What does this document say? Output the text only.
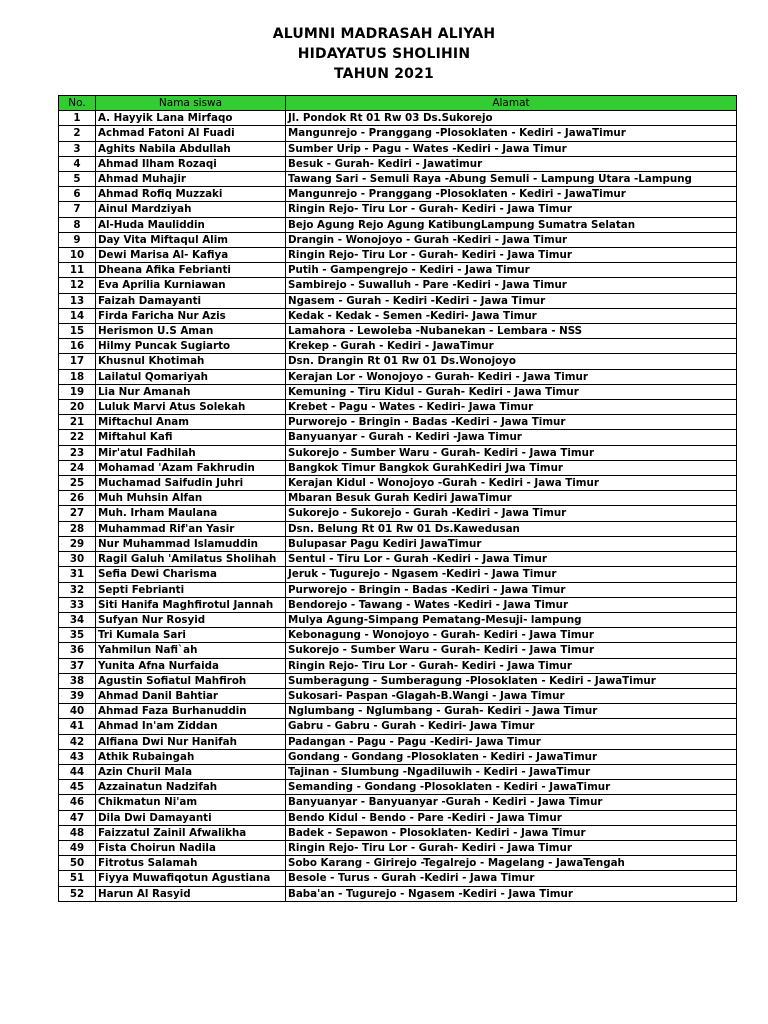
ALUMNI MADRASAH ALIYAH
HIDAYATUS SHOLIHIN
TAHUN 2021
No.	Nama siswa	Alamat
1	A. Hayyik Lana Mirfaqo	Jl. Pondok Rt 01 Rw 03 Ds.Sukorejo
2	Achmad Fatoni Al Fuadi	Mangunrejo - Pranggang -Plosoklaten - Kediri - JawaTimur
3	Aghits Nabila Abdullah	Sumber Urip - Pagu - Wates -Kediri - Jawa Timur
4	Ahmad Ilham Rozaqi	Besuk - Gurah- Kediri - Jawatimur
5	Ahmad Muhajir	Tawang Sari - Semuli Raya -Abung Semuli - Lampung Utara -Lampung
6	Ahmad Rofiq Muzzaki	Mangunrejo - Pranggang -Plosoklaten - Kediri - JawaTimur
7	Ainul Mardziyah	Ringin Rejo- Tiru Lor - Gurah- Kediri - Jawa Timur
8	Al-Huda Mauliddin	Bejo Agung Rejo Agung KatibungLampung Sumatra Selatan
9	Day Vita Miftaqul Alim	Drangin - Wonojoyo - Gurah -Kediri - Jawa Timur
10	Dewi Marisa Al- Kafiya	Ringin Rejo- Tiru Lor - Gurah- Kediri - Jawa Timur
11	Dheana Afika Febrianti	Putih - Gampengrejo - Kediri - Jawa Timur
12	Eva Aprilia Kurniawan	Sambirejo - Suwalluh - Pare -Kediri - Jawa Timur
13	Faizah Damayanti	Ngasem - Gurah - Kediri -Kediri - Jawa Timur
14	Firda Faricha Nur Azis	Kedak - Kedak - Semen -Kediri- Jawa Timur
15	Herismon U.S Aman	Lamahora - Lewoleba -Nubanekan - Lembara - NSS
16	Hilmy Puncak Sugiarto	Krekep - Gurah - Kediri - JawaTimur
17	Khusnul Khotimah	Dsn. Drangin Rt 01 Rw 01 Ds.Wonojoyo
18	Lailatul Qomariyah	Kerajan Lor - Wonojoyo - Gurah- Kediri - Jawa Timur
19	Lia Nur Amanah	Kemuning - Tiru Kidul - Gurah- Kediri - Jawa Timur
20	Luluk Marvi Atus Solekah	Krebet - Pagu - Wates - Kediri- Jawa Timur
21	Miftachul Anam	Purworejo - Bringin - Badas -Kediri - Jawa Timur
22	Miftahul Kafi	Banyuanyar - Gurah - Kediri -Jawa Timur
23	Mir'atul Fadhilah	Sukorejo - Sumber Waru - Gurah- Kediri - Jawa Timur
24	Mohamad 'Azam Fakhrudin	Bangkok Timur Bangkok GurahKediri Jwa Timur
25	Muchamad Saifudin Juhri	Kerajan Kidul - Wonojoyo -Gurah - Kediri - Jawa Timur
26	Muh Muhsin Alfan	Mbaran Besuk Gurah Kediri JawaTimur
27	Muh. Irham Maulana	Sukorejo - Sukorejo - Gurah -Kediri - Jawa Timur
28	Muhammad Rif'an Yasir	Dsn. Belung Rt 01 Rw 01 Ds.Kawedusan
29	Nur Muhammad Islamuddin	Bulupasar Pagu Kediri JawaTimur
30	Ragil Galuh 'Amilatus Sholihah	Sentul - Tiru Lor - Gurah -Kediri - Jawa Timur
31	Sefia Dewi Charisma	Jeruk - Tugurejo - Ngasem -Kediri - Jawa Timur
32	Septi Febrianti	Purworejo - Bringin - Badas -Kediri - Jawa Timur
33	Siti Hanifa Maghfirotul Jannah	Bendorejo - Tawang - Wates -Kediri - Jawa Timur
34	Sufyan Nur Rosyid	Mulya Agung-Simpang Pematang-Mesuji- lampung
35	Tri Kumala Sari	Kebonagung - Wonojoyo - Gurah- Kediri - Jawa Timur
36	Yahmilun Nafi`ah	Sukorejo - Sumber Waru - Gurah- Kediri - Jawa Timur
37	Yunita Afna Nurfaida	Ringin Rejo- Tiru Lor - Gurah- Kediri - Jawa Timur
38	Agustin Sofiatul Mahfiroh	Sumberagung - Sumberagung -Plosoklaten - Kediri - JawaTimur
39	Ahmad Danil Bahtiar	Sukosari- Paspan -Glagah-B.Wangi - Jawa Timur
40	Ahmad Faza Burhanuddin	Nglumbang - Nglumbang - Gurah- Kediri - Jawa Timur
41	Ahmad In'am Ziddan	Gabru - Gabru - Gurah - Kediri- Jawa Timur
42	Alfiana Dwi Nur Hanifah	Padangan - Pagu - Pagu -Kediri- Jawa Timur
43	Athik Rubaingah	Gondang - Gondang -Plosoklaten - Kediri - JawaTimur
44	Azin Churil Mala	Tajinan - Slumbung -Ngadiluwih - Kediri - JawaTimur
45	Azzainatun Nadzifah	Semanding - Gondang -Plosoklaten - Kediri - JawaTimur
46	Chikmatun Ni'am	Banyuanyar - Banyuanyar -Gurah - Kediri - Jawa Timur
47	Dila Dwi Damayanti	Bendo Kidul - Bendo - Pare -Kediri - Jawa Timur
48	Faizzatul Zainil Afwalikha	Badek - Sepawon - Plosoklaten- Kediri - Jawa Timur
49	Fista Choirun Nadila	Ringin Rejo- Tiru Lor - Gurah- Kediri - Jawa Timur
50	Fitrotus Salamah	Sobo Karang - Girirejo -Tegalrejo - Magelang - JawaTengah
51	Fiyya Muwafiqotun Agustiana	Besole - Turus - Gurah -Kediri - Jawa Timur
52	Harun Al Rasyid	Baba'an - Tugurejo - Ngasem -Kediri - Jawa Timur
